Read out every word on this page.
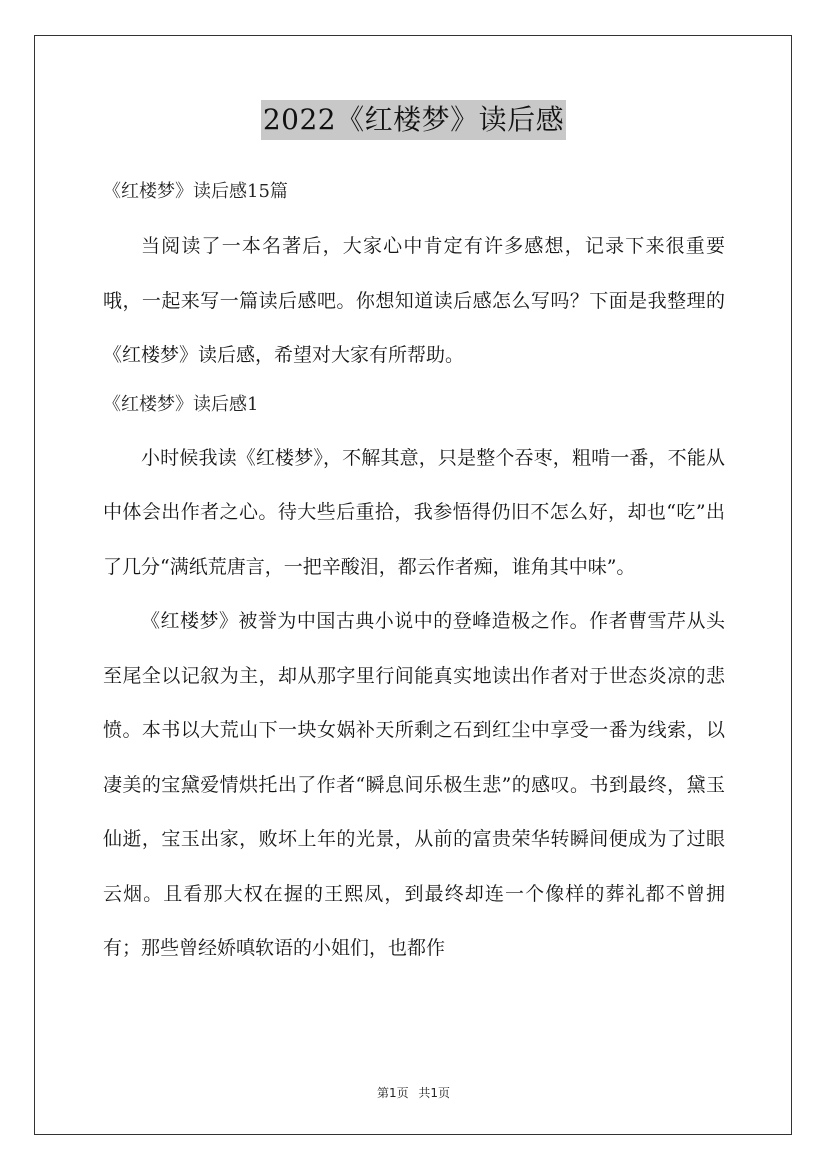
2022《红楼梦》读后感

《红楼梦》读后感15篇

当阅读了一本名著后，大家心中肯定有许多感想，记录下来很重要哦，一起来写一篇读后感吧。你想知道读后感怎么写吗？下面是我整理的《红楼梦》读后感，希望对大家有所帮助。

《红楼梦》读后感1

小时候我读《红楼梦》，不解其意，只是整个吞枣，粗啃一番，不能从中体会出作者之心。待大些后重拾，我参悟得仍旧不怎么好，却也“吃”出了几分“满纸荒唐言，一把辛酸泪，都云作者痴，谁角其中味”。

《红楼梦》被誉为中国古典小说中的登峰造极之作。作者曹雪芹从头至尾全以记叙为主，却从那字里行间能真实地读出作者对于世态炎凉的悲愤。本书以大荒山下一块女娲补天所剩之石到红尘中享受一番为线索，以凄美的宝黛爱情烘托出了作者“瞬息间乐极生悲”的感叹。书到最终，黛玉仙逝，宝玉出家，败坏上年的光景，从前的富贵荣华转瞬间便成为了过眼云烟。且看那大权在握的王熙凤，到最终却连一个像样的葬礼都不曾拥有；那些曾经娇嗔软语的小姐们，也都作

第1页 共1页
